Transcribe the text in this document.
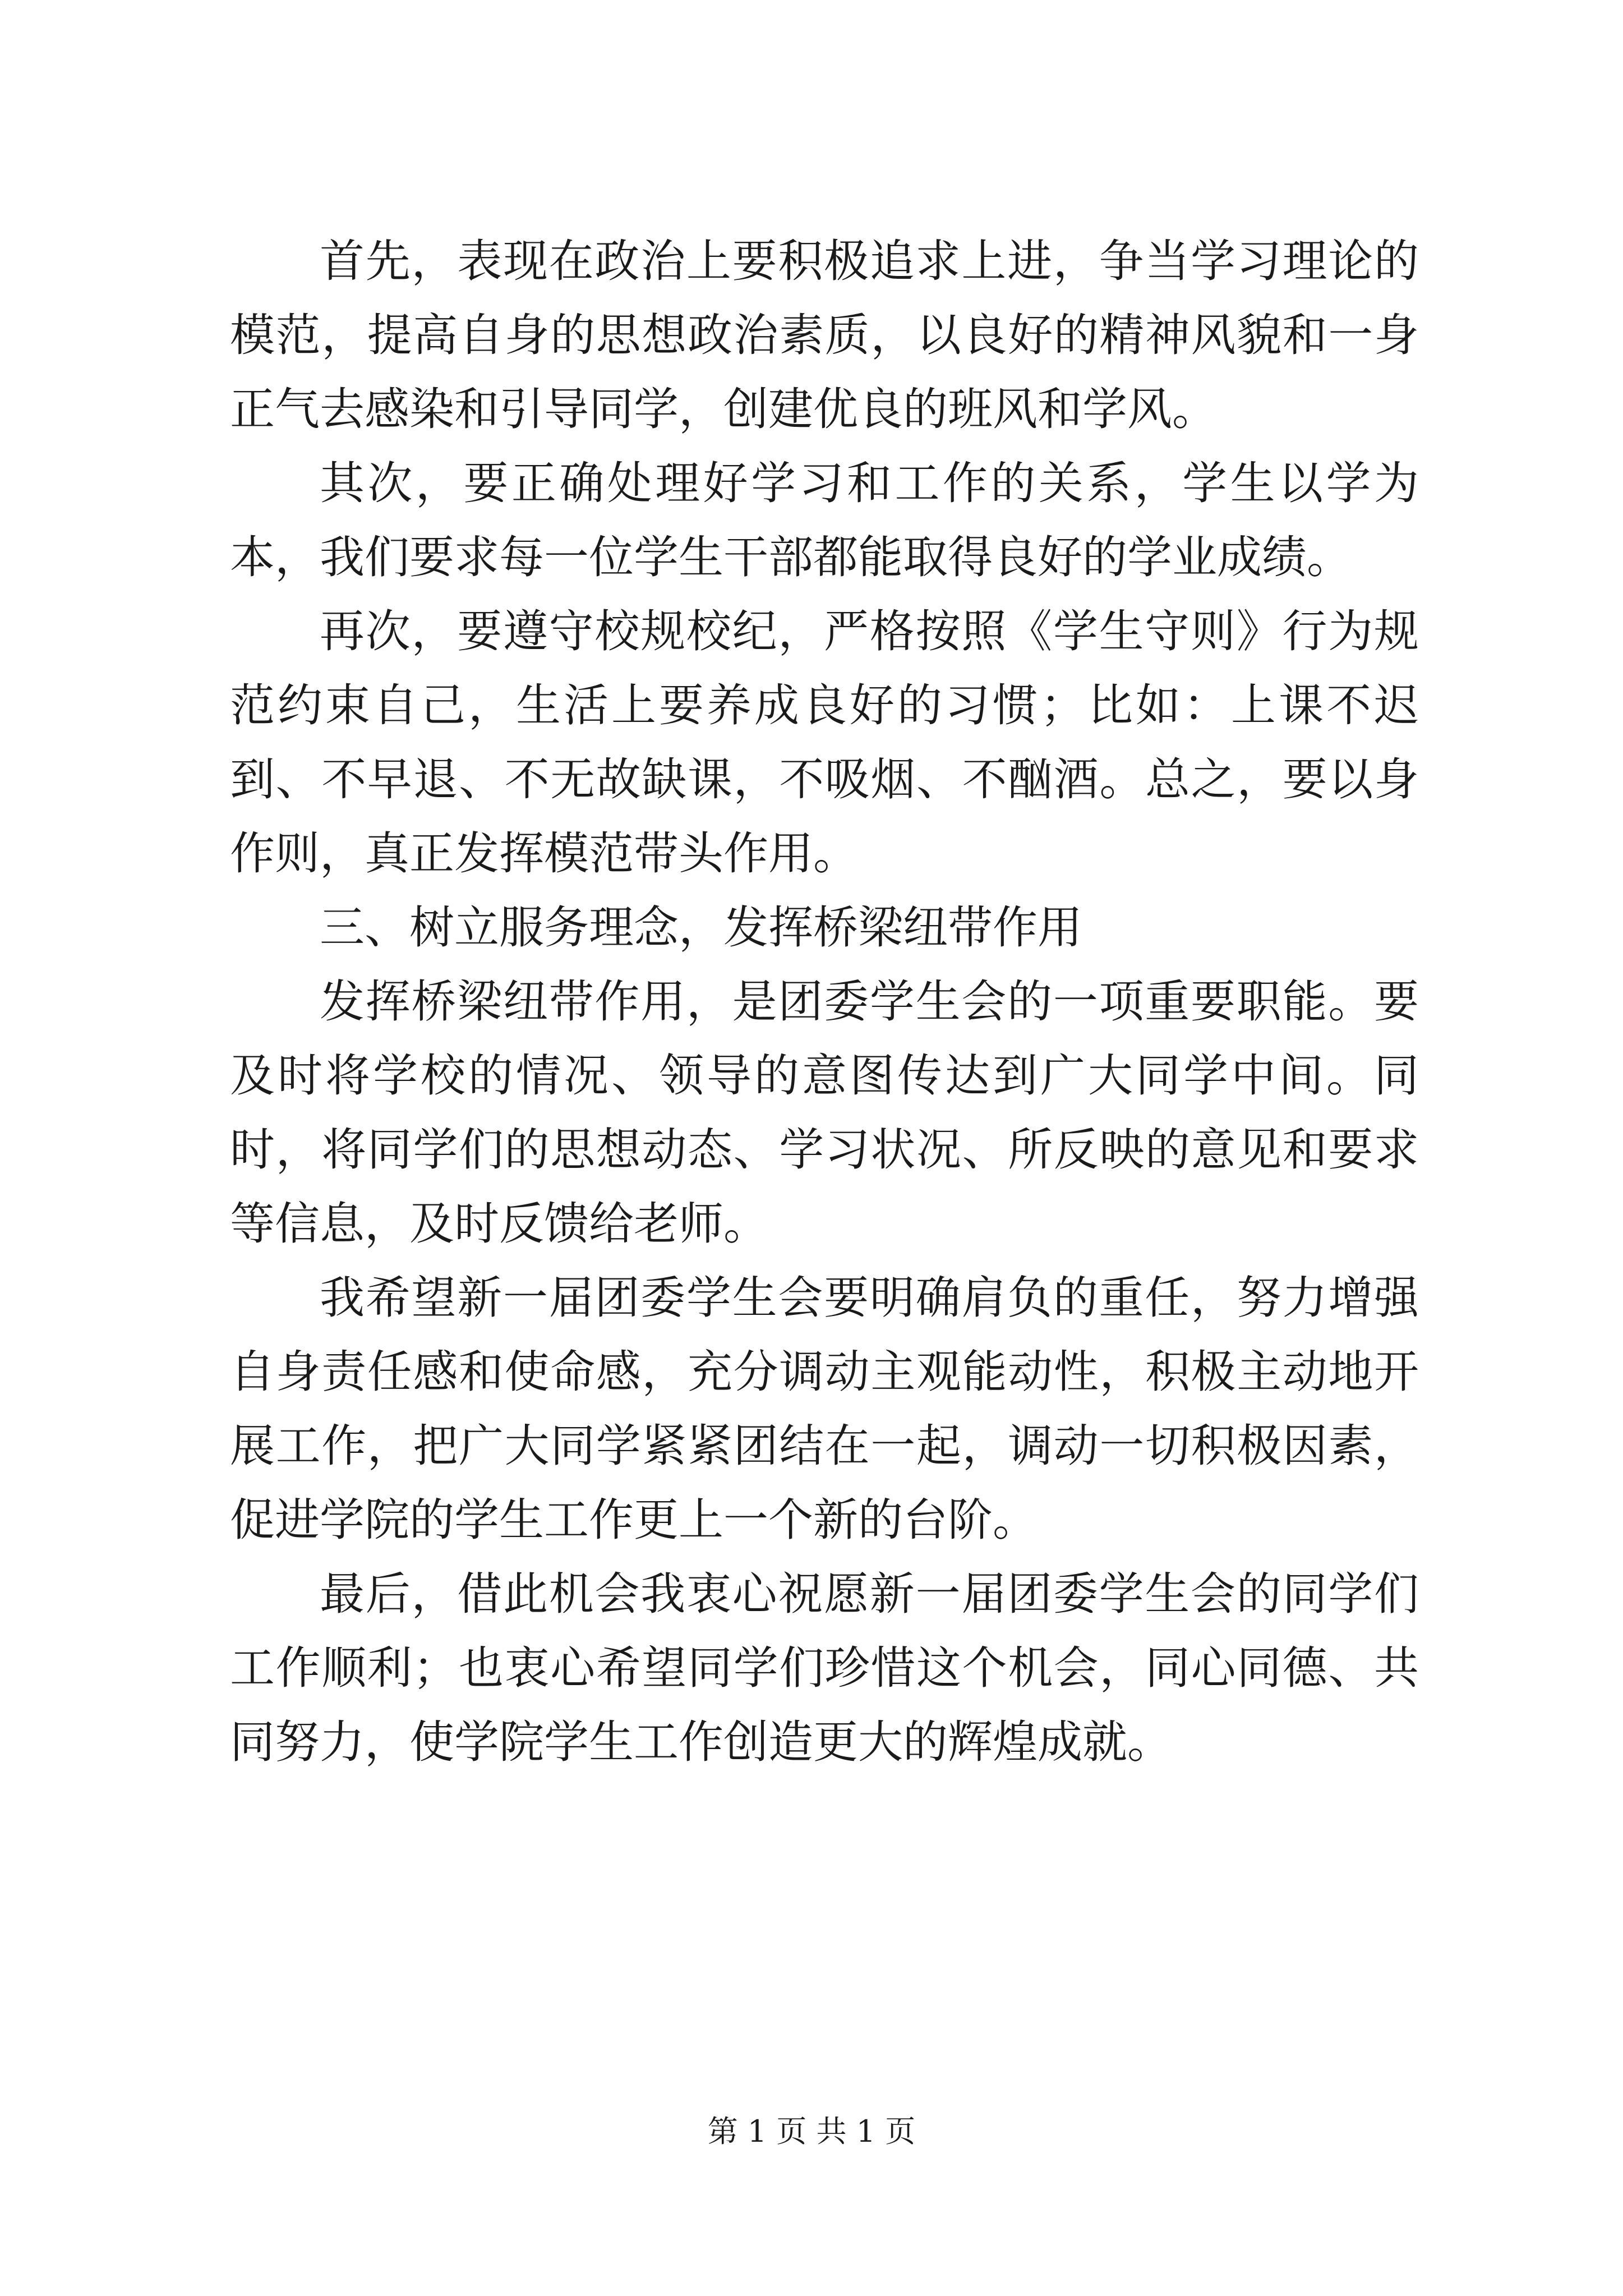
首先，表现在政治上要积极追求上进，争当学习理论的模范，提高自身的思想政治素质，以良好的精神风貌和一身正气去感染和引导同学，创建优良的班风和学风。

其次，要正确处理好学习和工作的关系，学生以学为本，我们要求每一位学生干部都能取得良好的学业成绩。

再次，要遵守校规校纪，严格按照《学生守则》行为规范约束自己，生活上要养成良好的习惯；比如：上课不迟到、不早退、不无故缺课，不吸烟、不酗酒。总之，要以身作则，真正发挥模范带头作用。

三、树立服务理念，发挥桥梁纽带作用

发挥桥梁纽带作用，是团委学生会的一项重要职能。要及时将学校的情况、领导的意图传达到广大同学中间。同时，将同学们的思想动态、学习状况、所反映的意见和要求等信息，及时反馈给老师。

我希望新一届团委学生会要明确肩负的重任，努力增强自身责任感和使命感，充分调动主观能动性，积极主动地开展工作，把广大同学紧紧团结在一起，调动一切积极因素，促进学院的学生工作更上一个新的台阶。

最后，借此机会我衷心祝愿新一届团委学生会的同学们工作顺利；也衷心希望同学们珍惜这个机会，同心同德、共同努力，使学院学生工作创造更大的辉煌成就。

第 1 页 共 1 页
